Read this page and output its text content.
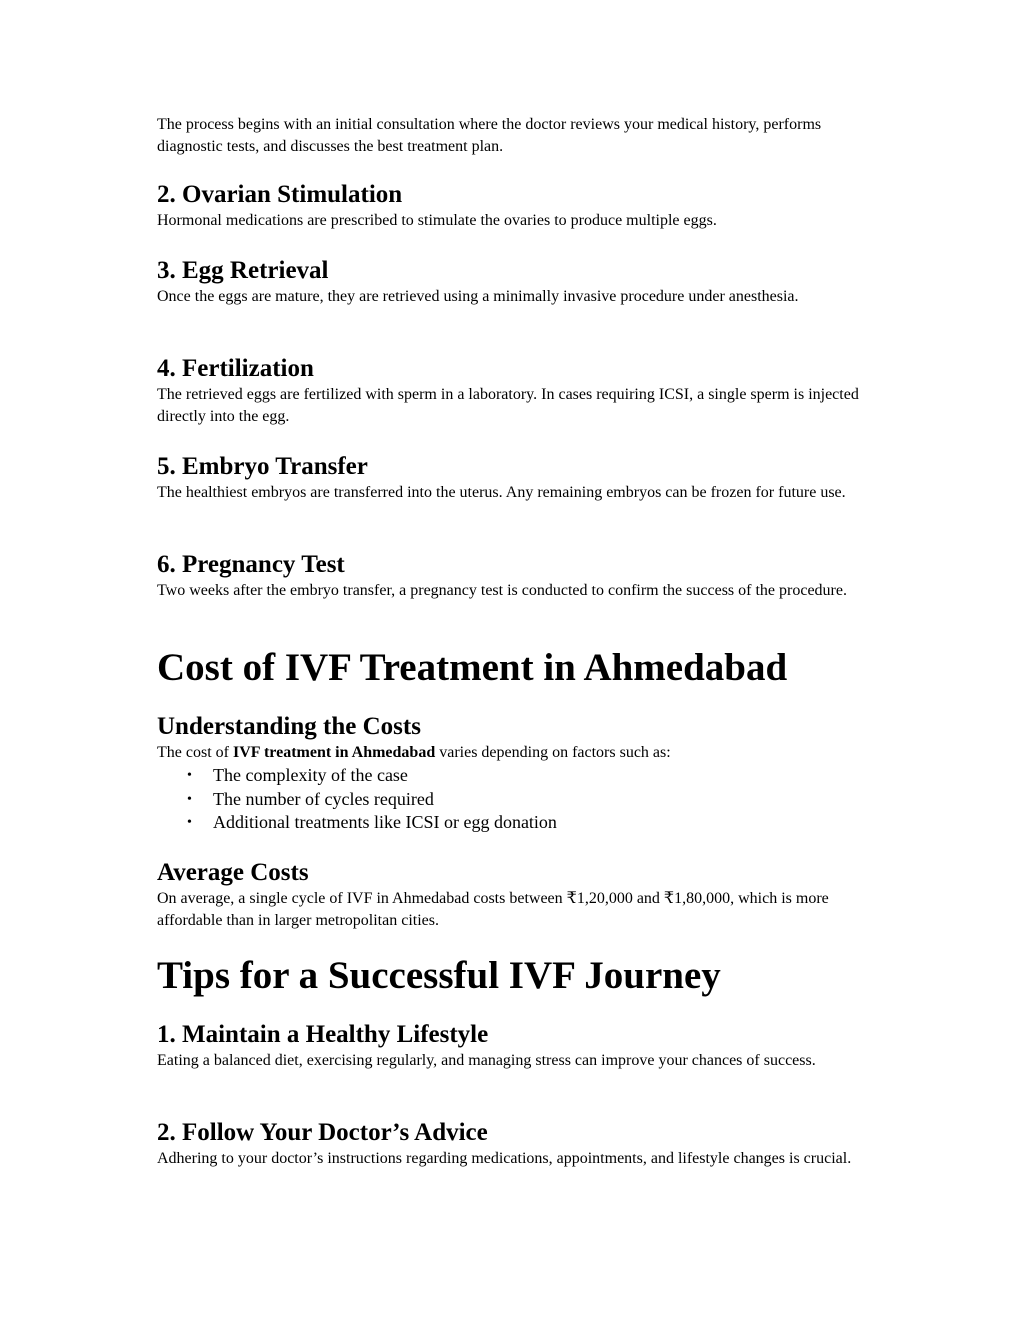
The process begins with an initial consultation where the doctor reviews your medical history, performs diagnostic tests, and discusses the best treatment plan.

2. Ovarian Stimulation

Hormonal medications are prescribed to stimulate the ovaries to produce multiple eggs.

3. Egg Retrieval

Once the eggs are mature, they are retrieved using a minimally invasive procedure under anesthesia.

4. Fertilization

The retrieved eggs are fertilized with sperm in a laboratory. In cases requiring ICSI, a single sperm is injected directly into the egg.

5. Embryo Transfer

The healthiest embryos are transferred into the uterus. Any remaining embryos can be frozen for future use.

6. Pregnancy Test

Two weeks after the embryo transfer, a pregnancy test is conducted to confirm the success of the procedure.

Cost of IVF Treatment in Ahmedabad
Understanding the Costs

The cost of IVF treatment in Ahmedabad varies depending on factors such as:

• The complexity of the case
• The number of cycles required
• Additional treatments like ICSI or egg donation
Average Costs

On average, a single cycle of IVF in Ahmedabad costs between ₹1,20,000 and ₹1,80,000, which is more affordable than in larger metropolitan cities.

Tips for a Successful IVF Journey
1. Maintain a Healthy Lifestyle

Eating a balanced diet, exercising regularly, and managing stress can improve your chances of success.

2. Follow Your Doctor’s Advice

Adhering to your doctor’s instructions regarding medications, appointments, and lifestyle changes is crucial.
